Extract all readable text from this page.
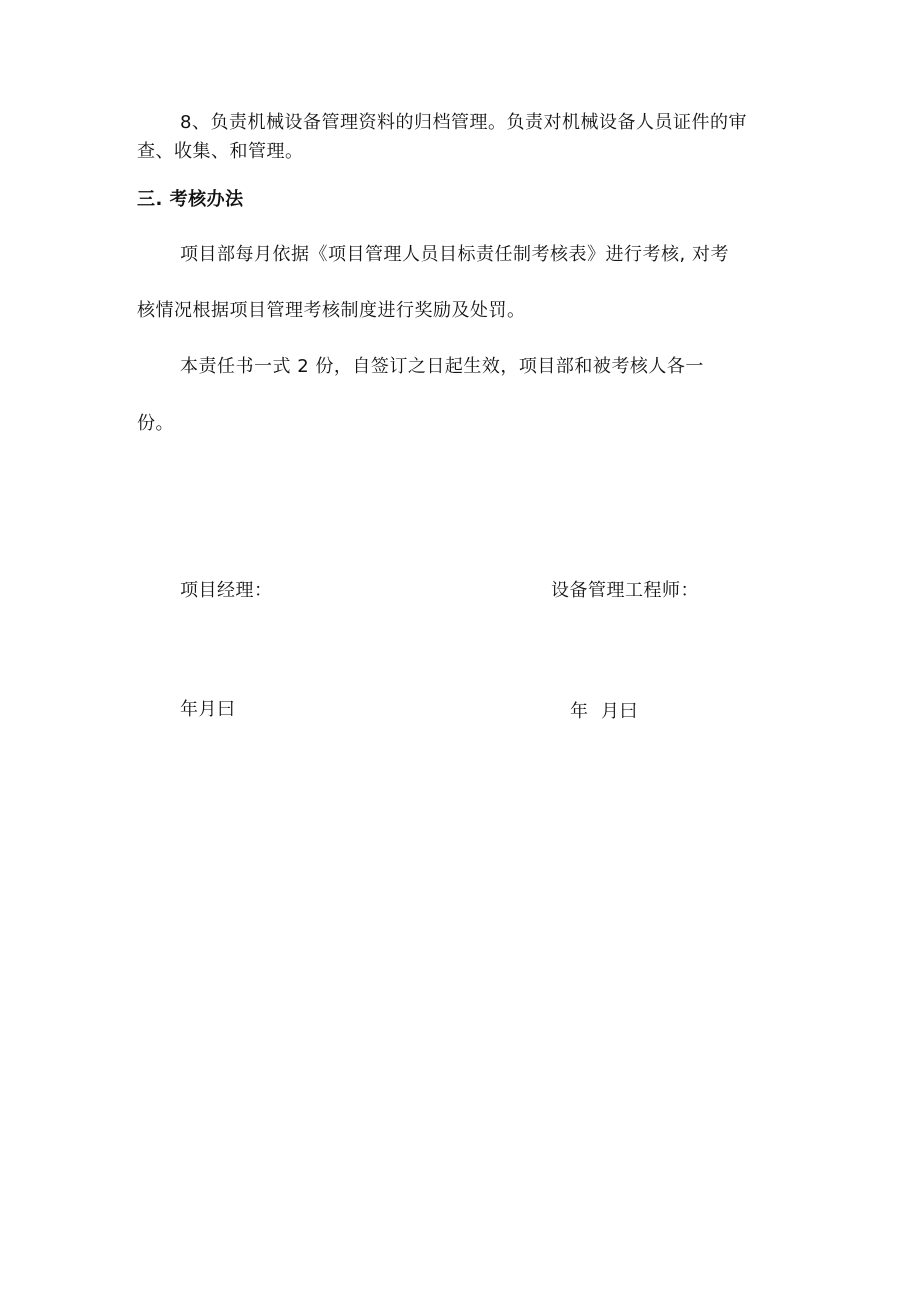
8、负责机械设备管理资料的归档管理。负责对机械设备人员证件的审
查、收集、和管理。
三. 考核办法
项目部每月依据《项目管理人员目标责任制考核表》进行考核, 对考
核情况根据项目管理考核制度进行奖励及处罚。
本责任书一式 2 份，自签订之日起生效，项目部和被考核人各一
份。
项目经理：	设备管理工程师：
年月曰	年  月曰
